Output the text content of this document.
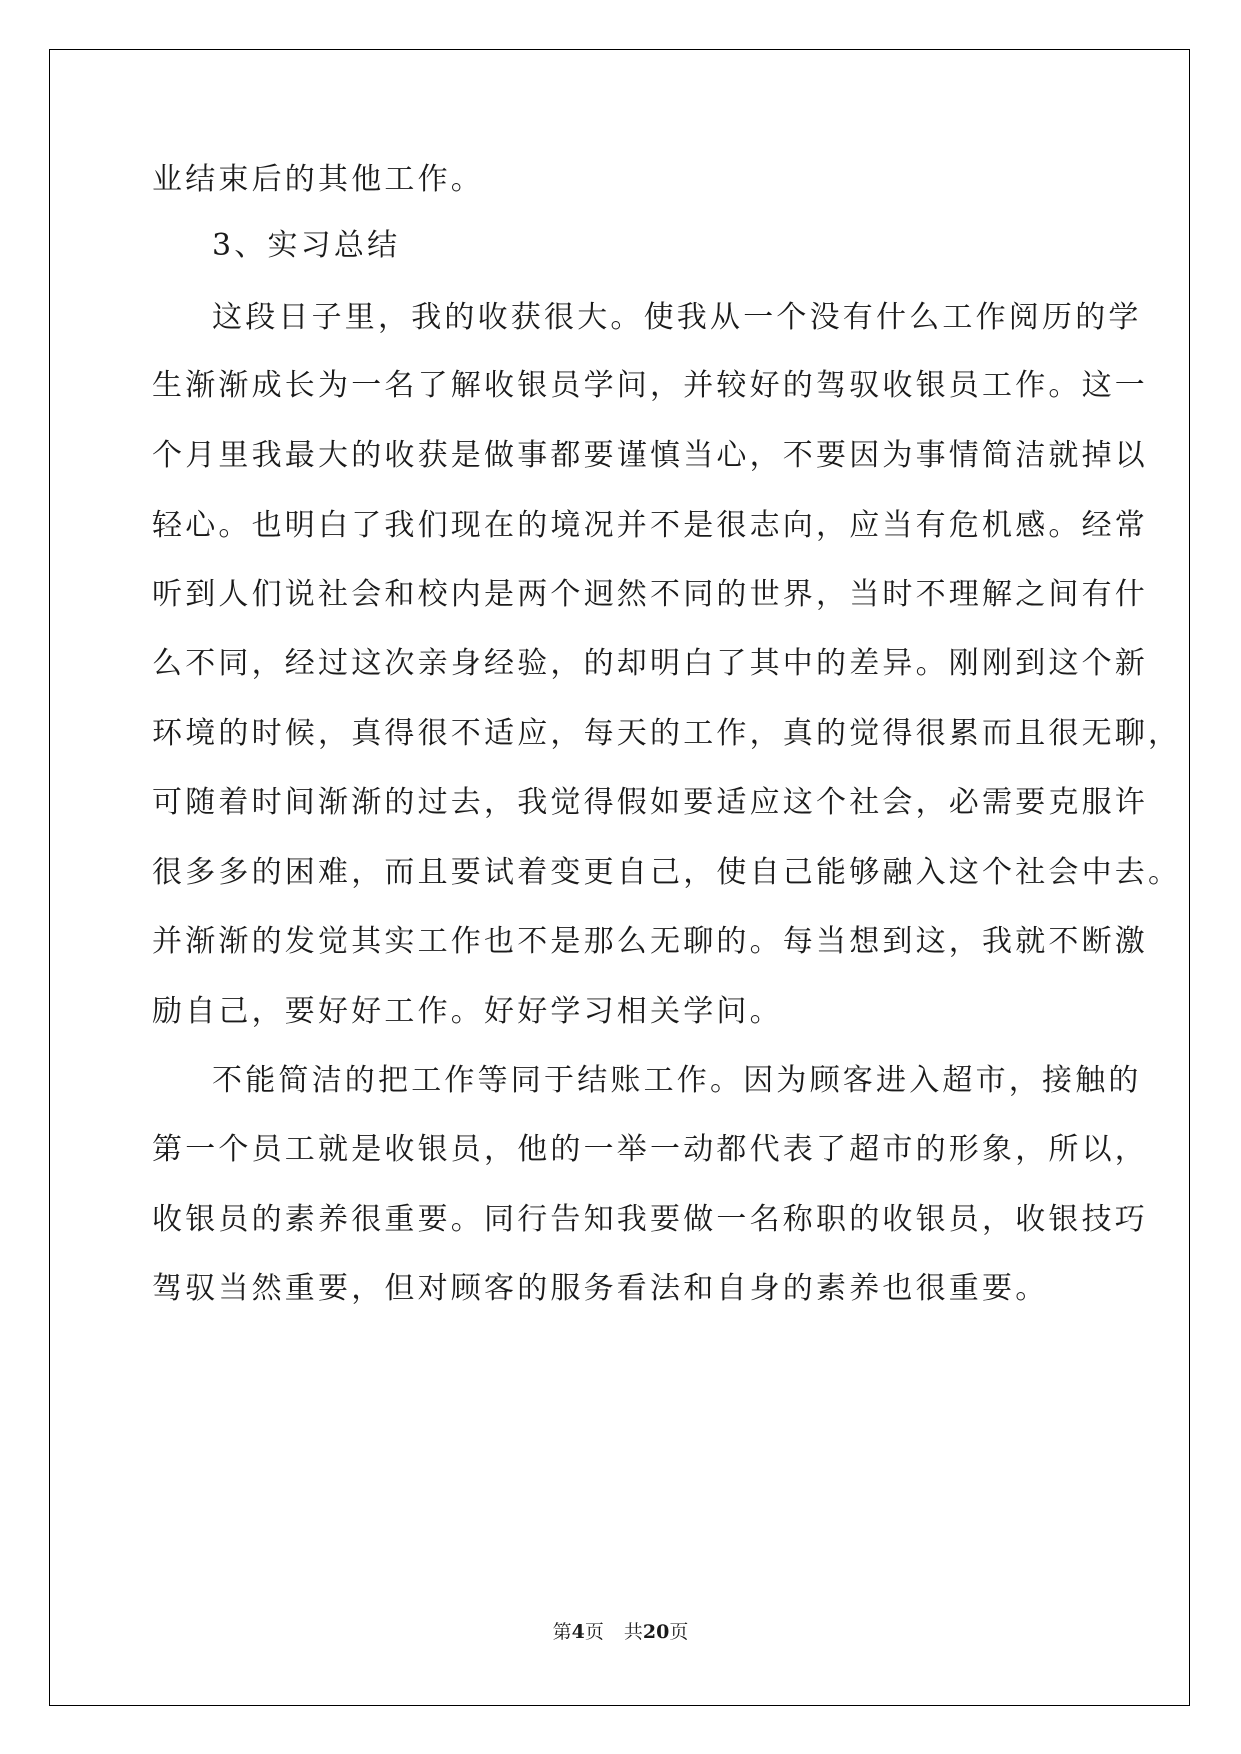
业结束后的其他工作。
3、实习总结
这段日子里，我的收获很大。使我从一个没有什么工作阅历的学
生渐渐成长为一名了解收银员学问，并较好的驾驭收银员工作。这一
个月里我最大的收获是做事都要谨慎当心，不要因为事情简洁就掉以
轻心。也明白了我们现在的境况并不是很志向，应当有危机感。经常
听到人们说社会和校内是两个迥然不同的世界，当时不理解之间有什
么不同，经过这次亲身经验，的却明白了其中的差异。刚刚到这个新
环境的时候，真得很不适应，每天的工作，真的觉得很累而且很无聊，
可随着时间渐渐的过去，我觉得假如要适应这个社会，必需要克服许
很多多的困难，而且要试着变更自己，使自己能够融入这个社会中去。
并渐渐的发觉其实工作也不是那么无聊的。每当想到这，我就不断激
励自己，要好好工作。好好学习相关学问。
不能简洁的把工作等同于结账工作。因为顾客进入超市，接触的
第一个员工就是收银员，他的一举一动都代表了超市的形象，所以，
收银员的素养很重要。同行告知我要做一名称职的收银员，收银技巧
驾驭当然重要，但对顾客的服务看法和自身的素养也很重要。
第4页 共20页
